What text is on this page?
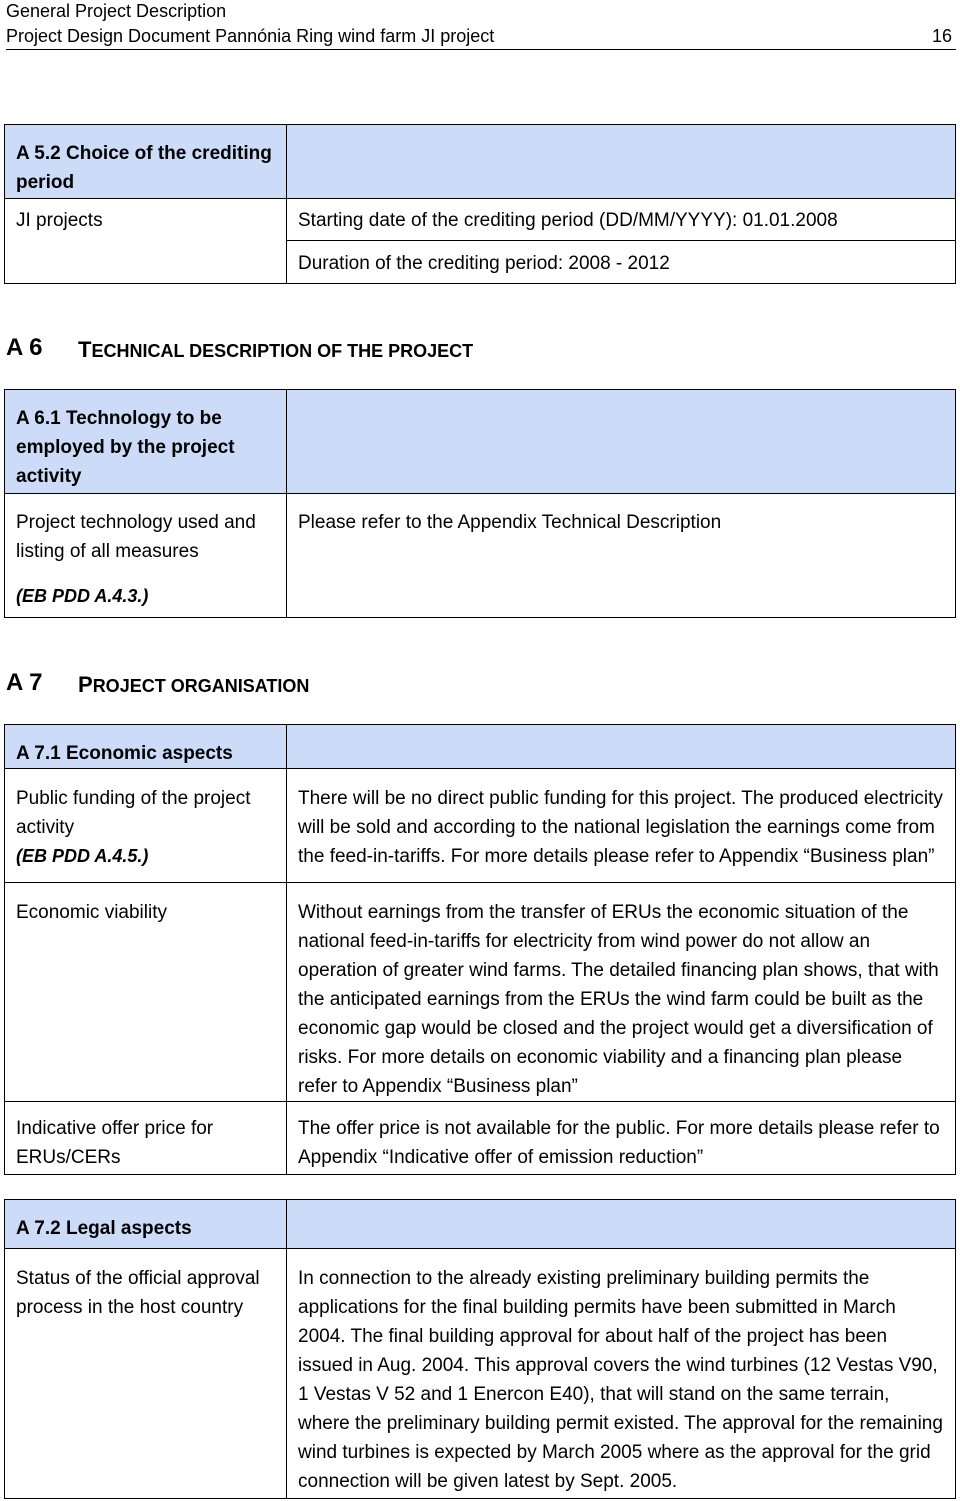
General Project Description
Project Design Document Pannónia Ring wind farm JI project	16
A 5.2 Choice of the crediting period	
JI projects	Starting date of the crediting period (DD/MM/YYYY): 01.01.2008
	Duration of the crediting period: 2008 - 2012
A 6 TECHNICAL DESCRIPTION OF THE PROJECT
A 6.1 Technology to be employed by the project activity	
Project technology used and listing of all measures
(EB PDD A.4.3.)	Please refer to the Appendix Technical Description
A 7 PROJECT ORGANISATION
A 7.1 Economic aspects	
Public funding of the project activity
(EB PDD A.4.5.)	There will be no direct public funding for this project. The produced electricity will be sold and according to the national legislation the earnings come from the feed-in-tariffs. For more details please refer to Appendix “Business plan”
Economic viability	Without earnings from the transfer of ERUs the economic situation of the national feed-in-tariffs for electricity from wind power do not allow an operation of greater wind farms. The detailed financing plan shows, that with the anticipated earnings from the ERUs the wind farm could be built as the economic gap would be closed and the project would get a diversification of risks. For more details on economic viability and a financing plan please refer to Appendix “Business plan”
Indicative offer price for ERUs/CERs	The offer price is not available for the public. For more details please refer to Appendix “Indicative offer of emission reduction”
A 7.2 Legal aspects	
Status of the official approval process in the host country	In connection to the already existing preliminary building permits the applications for the final building permits have been submitted in March 2004. The final building approval for about half of the project has been issued in Aug. 2004. This approval covers the wind turbines (12 Vestas V90, 1 Vestas V 52 and 1 Enercon E40), that will stand on the same terrain, where the preliminary building permit existed. The approval for the remaining wind turbines is expected by March 2005 where as the approval for the grid connection will be given latest by Sept. 2005.
